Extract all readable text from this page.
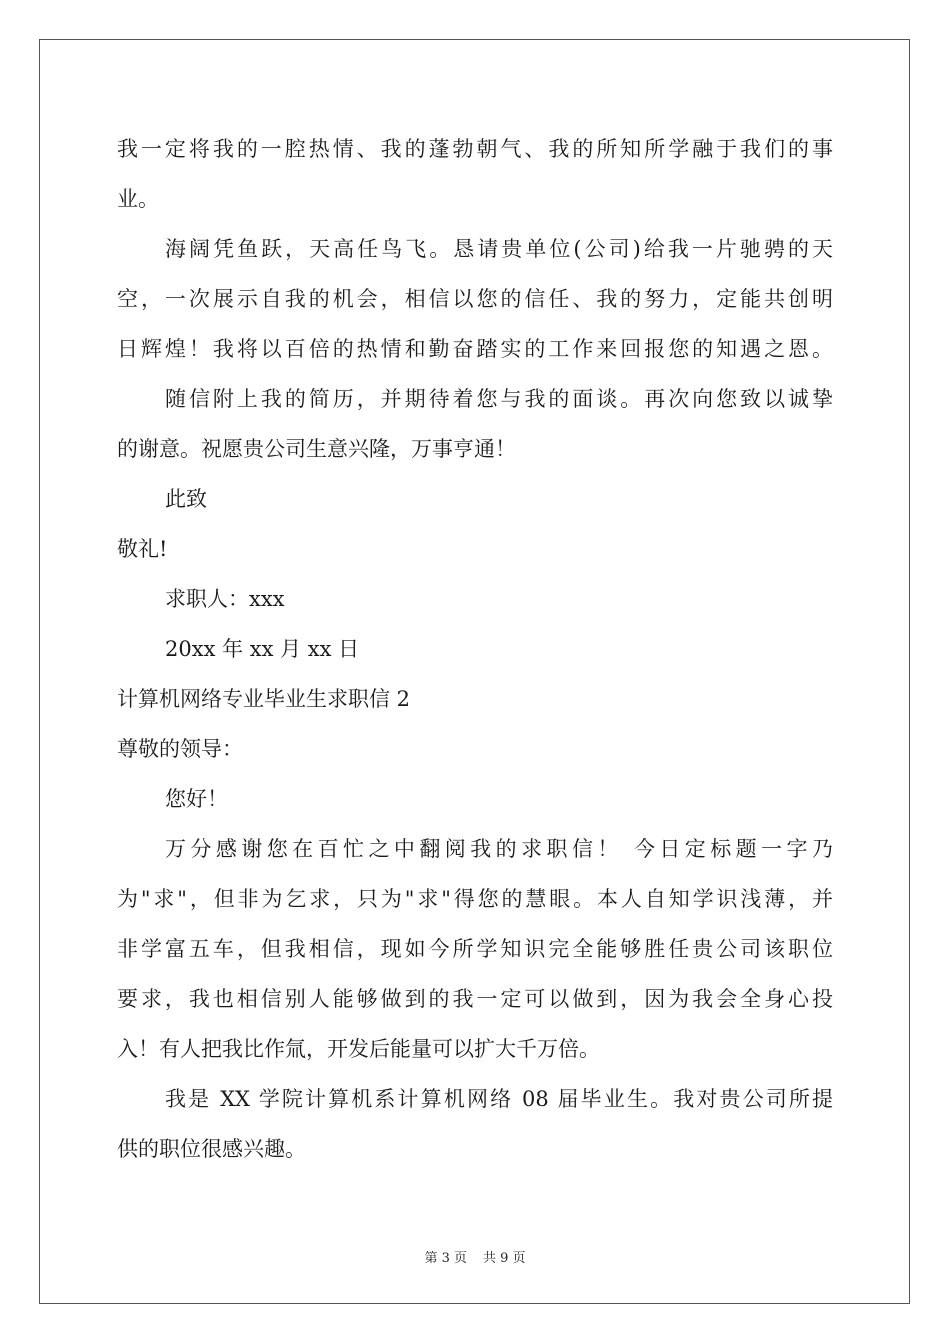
我一定将我的一腔热情、我的蓬勃朝气、我的所知所学融于我们的事
业。
海阔凭鱼跃，天高任鸟飞。恳请贵单位(公司)给我一片驰骋的天
空，一次展示自我的机会，相信以您的信任、我的努力，定能共创明
日辉煌！我将以百倍的热情和勤奋踏实的工作来回报您的知遇之恩。
随信附上我的简历，并期待着您与我的面谈。再次向您致以诚挚
的谢意。祝愿贵公司生意兴隆，万事亨通！
此致
敬礼!
求职人：xxx
20xx 年 xx 月 xx 日
计算机网络专业毕业生求职信 2
尊敬的领导：
您好！
万分感谢您在百忙之中翻阅我的求职信！ 今日定标题一字乃
为"求"，但非为乞求，只为"求"得您的慧眼。本人自知学识浅薄，并
非学富五车，但我相信，现如今所学知识完全能够胜任贵公司该职位
要求，我也相信别人能够做到的我一定可以做到，因为我会全身心投
入！有人把我比作氚，开发后能量可以扩大千万倍。
我是 XX 学院计算机系计算机网络 08 届毕业生。我对贵公司所提
供的职位很感兴趣。
第 3 页 共 9 页
